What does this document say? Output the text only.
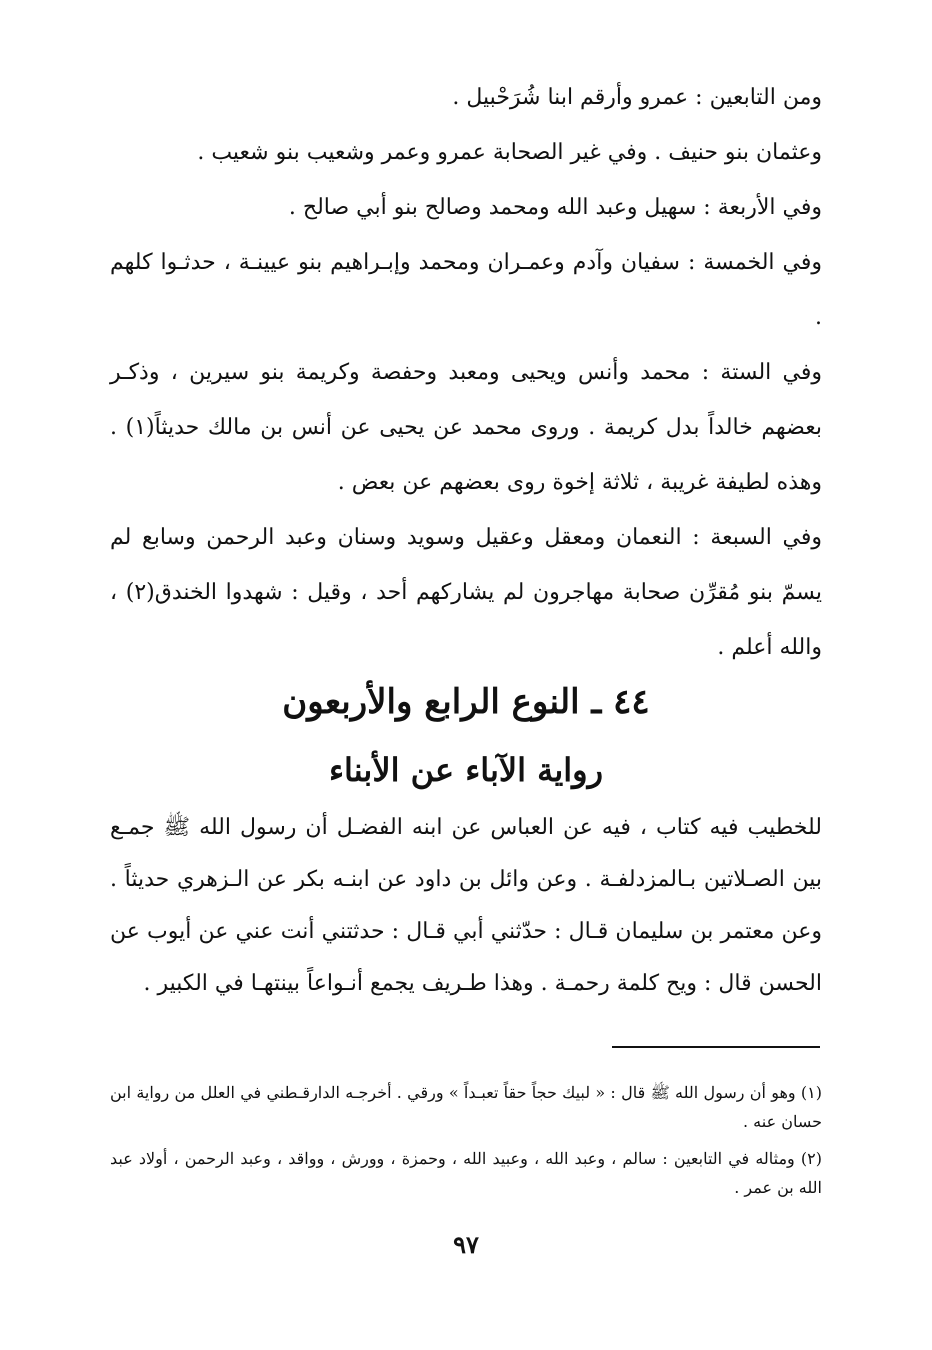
ومن التابعين : عمرو وأرقم ابنا شُرَحْبيل .

وعثمان بنو حنيف . وفي غير الصحابة عمرو وعمر وشعيب بنو شعيب .

وفي الأربعة : سهيل وعبد الله ومحمد وصالح بنو أبي صالح .

وفي الخمسة : سفيان وآدم وعمـران ومحمد وإبـراهيم بنو عيينـة ، حدثـوا كلهم .

وفي الستة : محمد وأنس ويحيى ومعبد وحفصة وكريمة بنو سيرين ، وذكـر بعضهم خالداً بدل كريمة . وروى محمد عن يحيى عن أنس بن مالك حديثاً(١) . وهذه لطيفة غريبة ، ثلاثة إخوة روى بعضهم عن بعض .

وفي السبعة : النعمان ومعقل وعقيل وسويد وسنان وعبد الرحمن وسابع لم يسمّ بنو مُقرِّن صحابة مهاجرون لم يشاركهم أحد ، وقيل : شهدوا الخندق(٢) ، والله أعلم .

٤٤ ـ النوع الرابع والأربعون
رواية الآباء عن الأبناء

للخطيب فيه كتاب ، فيه عن العباس عن ابنه الفضـل أن رسول الله ﷺ جمـع بين الصـلاتين بـالمزدلفـة . وعن وائل بن داود عن ابنـه بكر عن الـزهري حديثاً . وعن معتمر بن سليمان قـال : حدّثني أبي قـال : حدثتني أنت عني عن أيوب عن الحسن قال : ويح كلمة رحمـة . وهذا طـريف يجمع أنـواعاً بينتهـا في الكبير .

(١) وهو أن رسول الله ﷺ قال : « لبيك حجاً حقاً تعبـداً » ورقي . أخرجـه الدارقـطني في العلل من رواية ابن حسان عنه .

(٢) ومثاله في التابعين : سالم ، وعبد الله ، وعبيد الله ، وحمزة ، وورش ، وواقد ، وعبد الرحمن ، أولاد عبد الله بن عمر .

٩٧
